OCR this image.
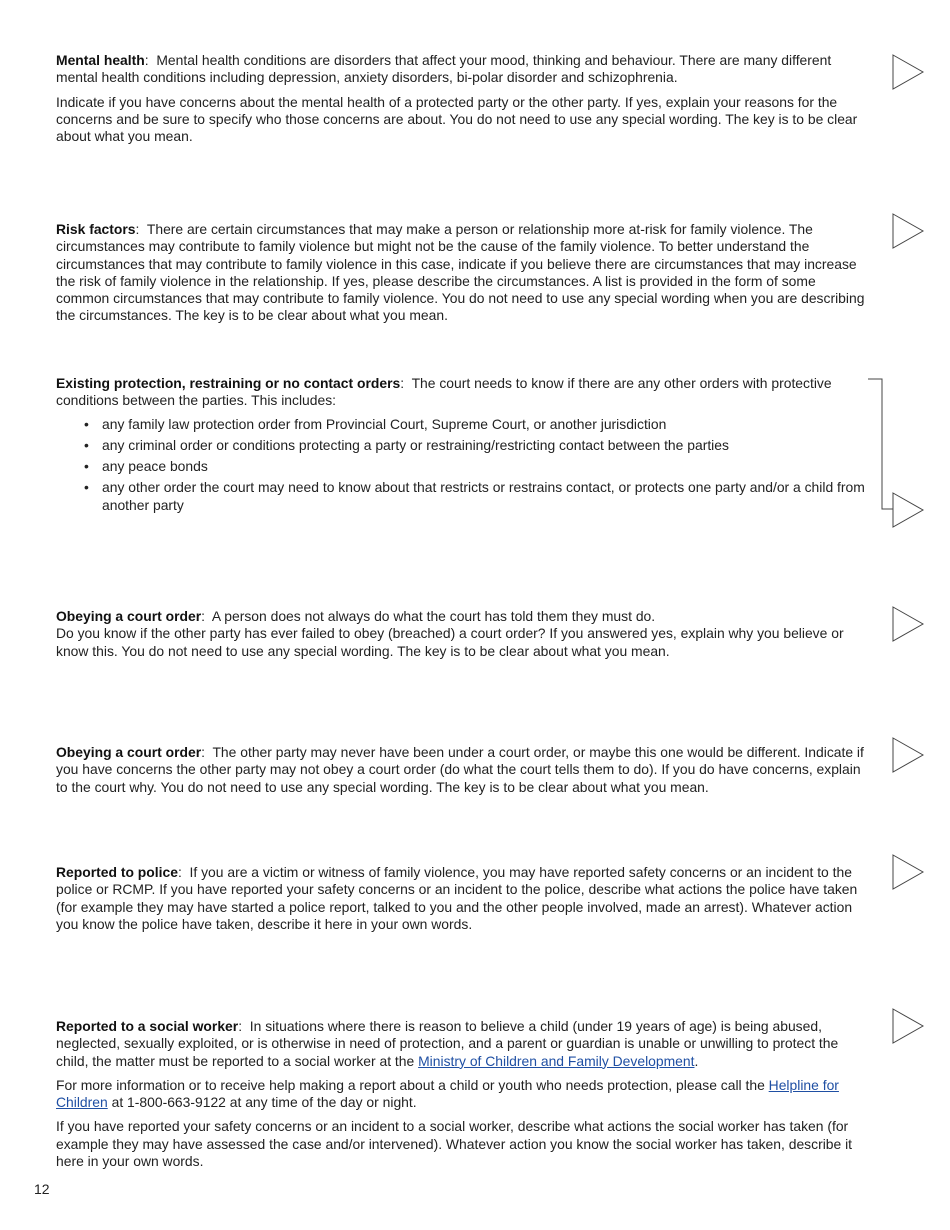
Mental health:  Mental health conditions are disorders that affect your mood, thinking and behaviour. There are many different mental health conditions including depression, anxiety disorders, bi-polar disorder and schizophrenia.

Indicate if you have concerns about the mental health of a protected party or the other party. If yes, explain your reasons for the concerns and be sure to specify who those concerns are about. You do not need to use any special wording. The key is to be clear about what you mean.

Risk factors:  There are certain circumstances that may make a person or relationship more at-risk for family violence. The circumstances may contribute to family violence but might not be the cause of the family violence. To better understand the circumstances that may contribute to family violence in this case, indicate if you believe there are circumstances that may increase the risk of family violence in the relationship. If yes, please describe the circumstances. A list is provided in the form of some common circumstances that may contribute to family violence. You do not need to use any special wording when you are describing the circumstances. The key is to be clear about what you mean.

Existing protection, restraining or no contact orders:  The court needs to know if there are any other orders with protective conditions between the parties. This includes:

• any family law protection order from Provincial Court, Supreme Court, or another jurisdiction
• any criminal order or conditions protecting a party or restraining/restricting contact between the parties
• any peace bonds
• any other order the court may need to know about that restricts or restrains contact, or protects one party and/or a child from another party
Obeying a court order:  A person does not always do what the court has told them they must do.
Do you know if the other party has ever failed to obey (breached) a court order? If you answered yes, explain why you believe or know this. You do not need to use any special wording. The key is to be clear about what you mean.

Obeying a court order:  The other party may never have been under a court order, or maybe this one would be different. Indicate if you have concerns the other party may not obey a court order (do what the court tells them to do). If you do have concerns, explain to the court why. You do not need to use any special wording. The key is to be clear about what you mean.

Reported to police:  If you are a victim or witness of family violence, you may have reported safety concerns or an incident to the police or RCMP. If you have reported your safety concerns or an incident to the police, describe what actions the police have taken (for example they may have started a police report, talked to you and the other people involved, made an arrest). Whatever action you know the police have taken, describe it here in your own words.

Reported to a social worker:  In situations where there is reason to believe a child (under 19 years of age) is being abused, neglected, sexually exploited, or is otherwise in need of protection, and a parent or guardian is unable or unwilling to protect the child, the matter must be reported to a social worker at the Ministry of Children and Family Development.

For more information or to receive help making a report about a child or youth who needs protection, please call the Helpline for Children at 1-800-663-9122 at any time of the day or night.

If you have reported your safety concerns or an incident to a social worker, describe what actions the social worker has taken (for example they may have assessed the case and/or intervened). Whatever action you know the social worker has taken, describe it here in your own words.

12
